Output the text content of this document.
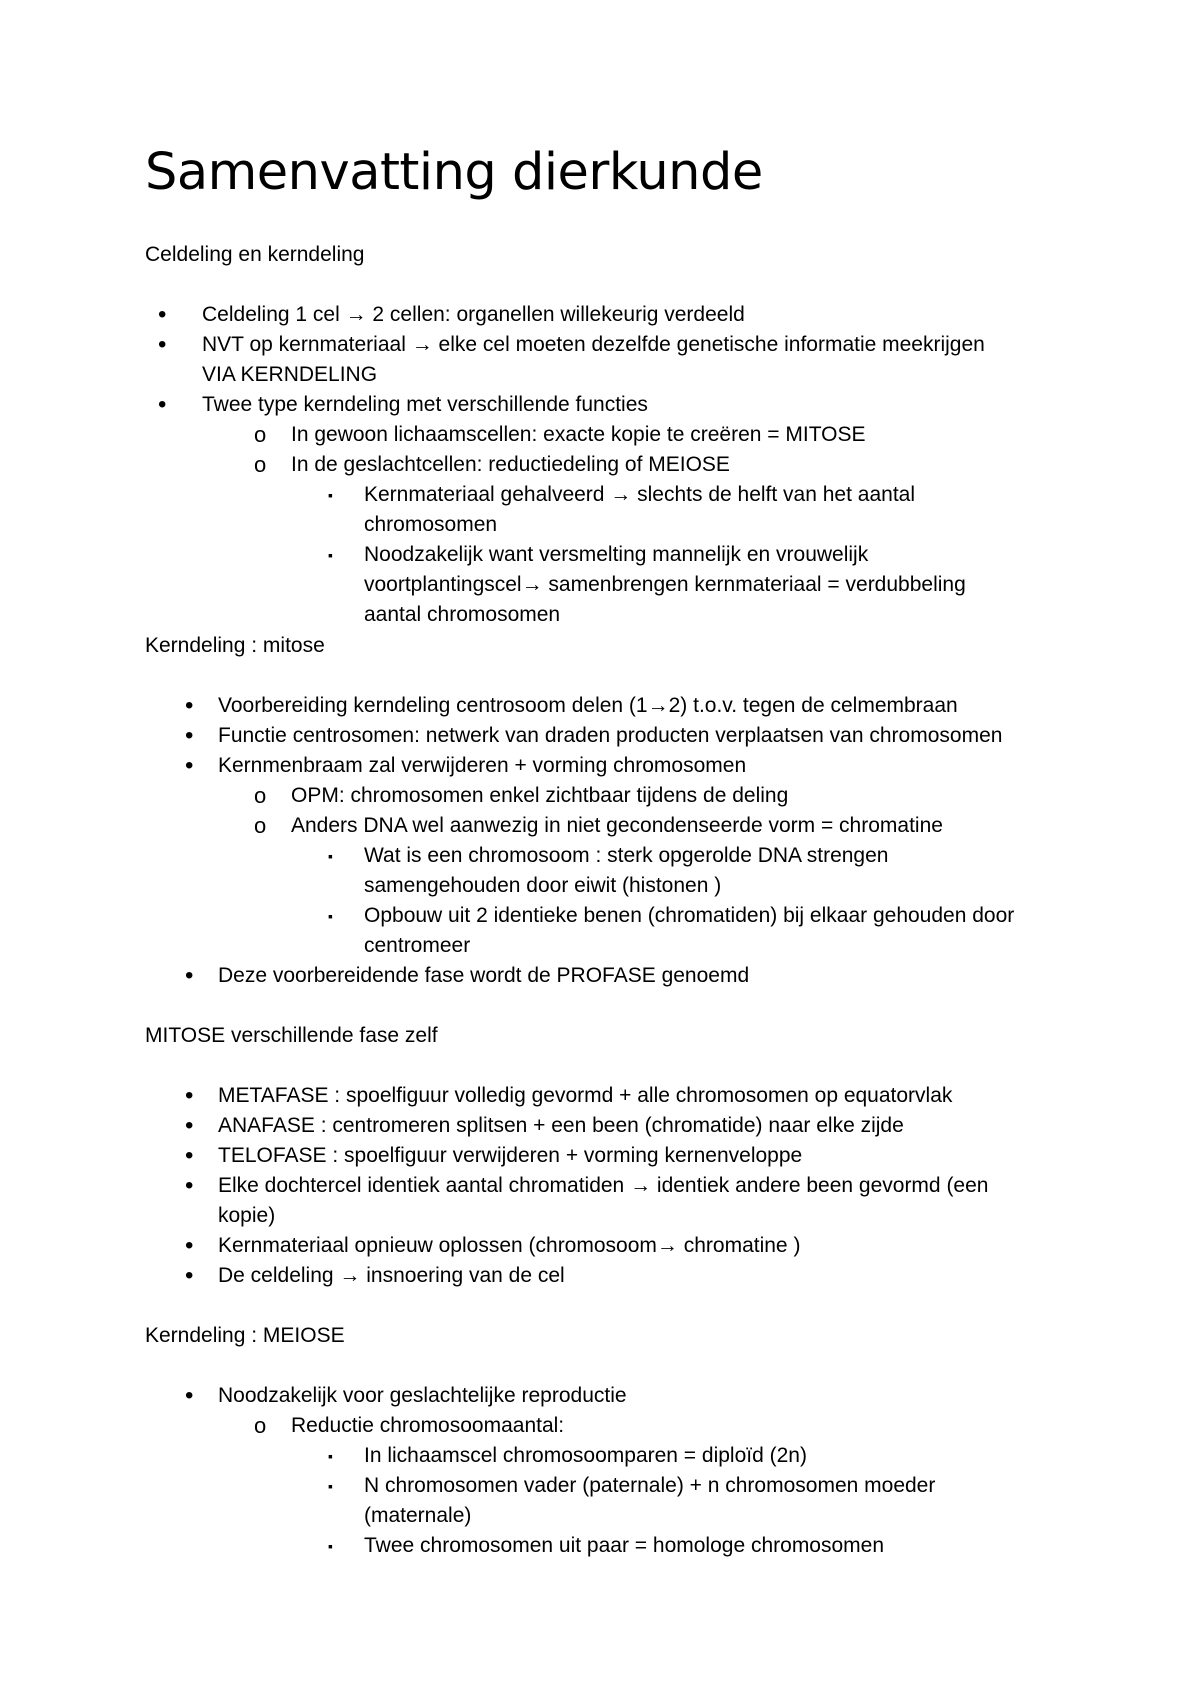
Samenvatting dierkunde

Celdeling en kerndeling

• Celdeling 1 cel → 2 cellen: organellen willekeurig verdeeld

• NVT op kernmateriaal → elke cel moeten dezelfde genetische informatie meekrijgen

VIA KERNDELING

• Twee type kerndeling met verschillende functies

o In gewoon lichaamscellen: exacte kopie te creëren = MITOSE

o In de geslachtcellen: reductiedeling of MEIOSE

▪ Kernmateriaal gehalveerd → slechts de helft van het aantal

chromosomen

▪ Noodzakelijk want versmelting mannelijk en vrouwelijk

voortplantingscel→ samenbrengen kernmateriaal = verdubbeling

aantal chromosomen

Kerndeling : mitose

• Voorbereiding kerndeling centrosoom delen (1→2) t.o.v. tegen de celmembraan

• Functie centrosomen: netwerk van draden producten verplaatsen van chromosomen

• Kernmenbraam zal verwijderen + vorming chromosomen

o OPM: chromosomen enkel zichtbaar tijdens de deling

o Anders DNA wel aanwezig in niet gecondenseerde vorm = chromatine

▪ Wat is een chromosoom : sterk opgerolde DNA strengen

samengehouden door eiwit (histonen )

▪ Opbouw uit 2 identieke benen (chromatiden) bij elkaar gehouden door

centromeer

• Deze voorbereidende fase wordt de PROFASE genoemd

MITOSE verschillende fase zelf

• METAFASE : spoelfiguur volledig gevormd + alle chromosomen op equatorvlak

• ANAFASE : centromeren splitsen + een been (chromatide) naar elke zijde

• TELOFASE : spoelfiguur verwijderen + vorming kernenveloppe

• Elke dochtercel identiek aantal chromatiden → identiek andere been gevormd (een

kopie)

• Kernmateriaal opnieuw oplossen (chromosoom→ chromatine )

• De celdeling → insnoering van de cel

Kerndeling : MEIOSE

• Noodzakelijk voor geslachtelijke reproductie

o Reductie chromosoomaantal:

▪ In lichaamscel chromosoomparen = diploïd (2n)

▪ N chromosomen vader (paternale) + n chromosomen moeder

(maternale)

▪ Twee chromosomen uit paar = homologe chromosomen
